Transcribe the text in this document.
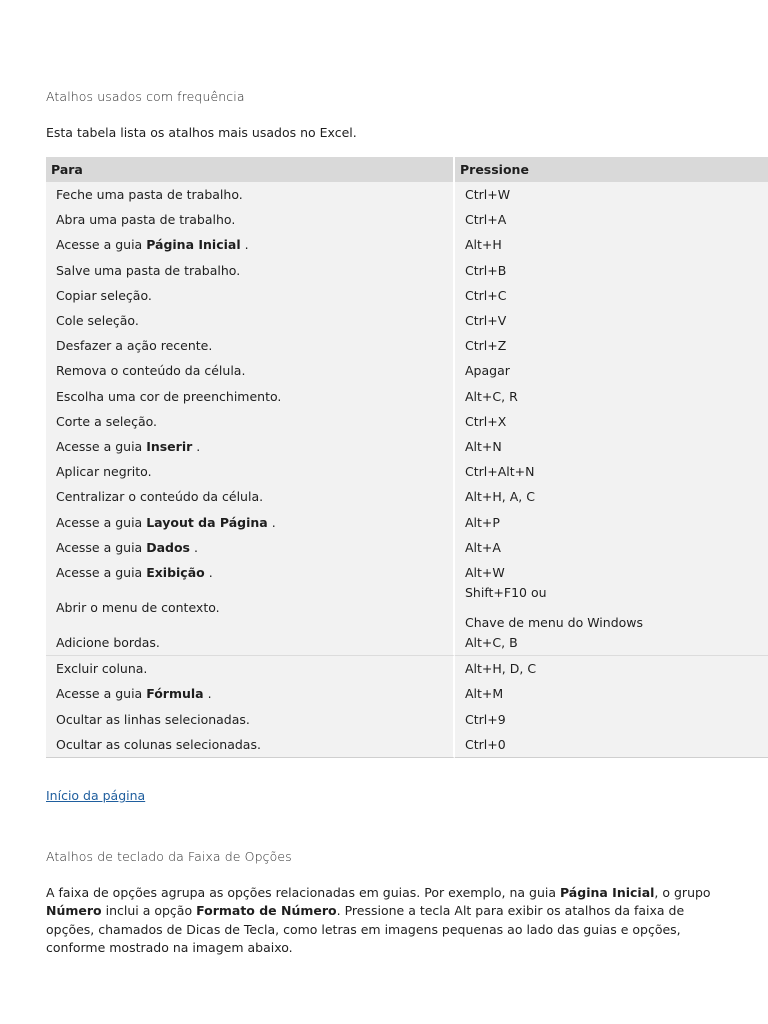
Atalhos usados com frequência
Esta tabela lista os atalhos mais usados no Excel.
Para	Pressione
Feche uma pasta de trabalho.	Ctrl+W
Abra uma pasta de trabalho.	Ctrl+A
Acesse a guia Página Inicial .	Alt+H
Salve uma pasta de trabalho.	Ctrl+B
Copiar seleção.	Ctrl+C
Cole seleção.	Ctrl+V
Desfazer a ação recente.	Ctrl+Z
Remova o conteúdo da célula.	Apagar
Escolha uma cor de preenchimento.	Alt+C, R
Corte a seleção.	Ctrl+X
Acesse a guia Inserir .	Alt+N
Aplicar negrito.	Ctrl+Alt+N
Centralizar o conteúdo da célula.	Alt+H, A, C
Acesse a guia Layout da Página .	Alt+P
Acesse a guia Dados .	Alt+A
Acesse a guia Exibição .	Alt+W
Abrir o menu de contexto.	Shift+F10 ou
Chave de menu do Windows

Adicione bordas.	Alt+C, B
Excluir coluna.	Alt+H, D, C
Acesse a guia Fórmula .	Alt+M
Ocultar as linhas selecionadas.	Ctrl+9
Ocultar as colunas selecionadas.	Ctrl+0
Início da página
Atalhos de teclado da Faixa de Opções
A faixa de opções agrupa as opções relacionadas em guias. Por exemplo, na guia Página Inicial, o grupo Número inclui a opção Formato de Número. Pressione a tecla Alt para exibir os atalhos da faixa de opções, chamados de Dicas de Tecla, como letras em imagens pequenas ao lado das guias e opções, conforme mostrado na imagem abaixo.
